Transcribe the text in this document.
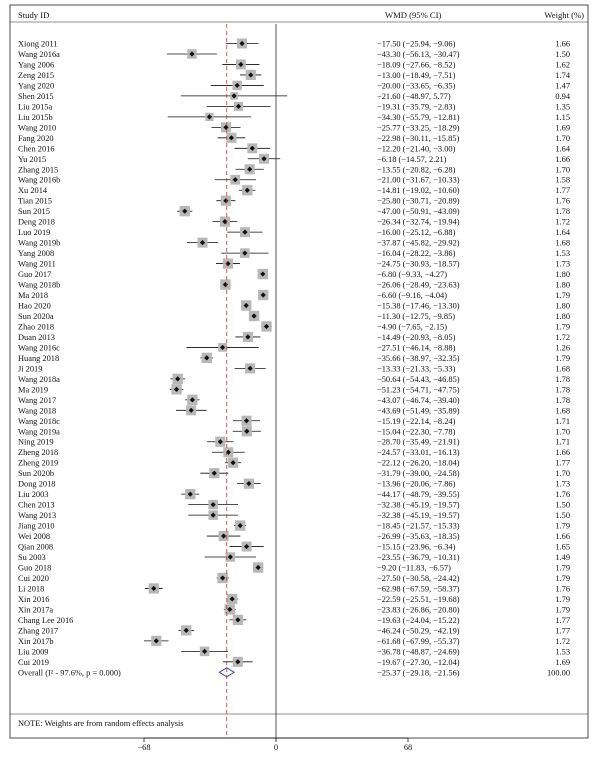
Study ID	WMD (95% CI)	Weight (%)
Xiong 2011	−17.50 (−25.94, −9.06)	1.66
Wang 2016a	−43.30 (−56.13, −30.47)	1.50
Yang 2006	−18.09 (−27.66, −8.52)	1.62
Zeng 2015	−13.00 (−18.49, −7.51)	1.74
Yang 2020	−20.00 (−33.65, −6.35)	1.47
Shen 2015	−21.60 (−48.97, 5.77)	0.94
Liu 2015a	−19.31 (−35.79, −2.83)	1.35
Liu 2015b	−34.30 (−55.79, −12.81)	1.15
Wang 2010	−25.77 (−33.25, −18.29)	1.69
Fang 2020	−22.98 (−30.11, −15.85)	1.70
Chen 2016	−12.20 (−21.40, −3.00)	1.64
Yu 2015	−6.18 (−14.57, 2.21)	1.66
Zhang 2015	−13.55 (−20.82, −6.28)	1.70
Wang 2016b	−21.00 (−31.67, −10.33)	1.58
Xu 2014	−14.81 (−19.02, −10.60)	1.77
Tian 2015	−25.80 (−30.71, −20.89)	1.76
Sun 2015	−47.00 (−50.91, −43.09)	1.78
Deng 2018	−26.34 (−32.74, −19.94)	1.72
Luo 2019	−16.00 (−25.12, −6.88)	1.64
Wang 2019b	−37.87 (−45.82, −29.92)	1.68
Yang 2008	−16.04 (−28.22, −3.86)	1.53
Wang 2011	−24.75 (−30.93, −18.57)	1.73
Guo 2017	−6.80 (−9.33, −4.27)	1.80
Wang 2018b	−26.06 (−28.49, −23.63)	1.80
Ma 2018	−6.60 (−9.16, −4.04)	1.79
Hao 2020	−15.38 (−17.46, −13.30)	1.80
Sun 2020a	−11.30 (−12.75, −9.85)	1.80
Zhao 2018	−4.90 (−7.65, −2.15)	1.79
Duan 2013	−14.49 (−20.93, −8.05)	1.72
Wang 2016c	−27.51 (−46.14, −8.88)	1.26
Huang 2018	−35.66 (−38.97, −32.35)	1.79
Ji 2019	−13.33 (−21.33, −5.33)	1.68
Wang 2018a	−50.64 (−54.43, −46.85)	1.78
Ma 2019	−51.23 (−54.71, −47.75)	1.78
Wang 2017	−43.07 (−46.74, −39.40)	1.78
Wang 2018	−43.69 (−51.49, −35.89)	1.68
Wang 2018c	−15.19 (−22.14, −8.24)	1.71
Wang 2019a	−15.04 (−22.30, −7.78)	1.70
Ning 2019	−28.70 (−35.49, −21.91)	1.71
Zheng 2018	−24.57 (−33.01, −16.13)	1.66
Zheng 2019	−22.12 (−26.20, −18.04)	1.77
Sun 2020b	−31.79 (−39.00, −24.58)	1.70
Dong 2018	−13.96 (−20.06, −7.86)	1.73
Liu 2003	−44.17 (−48.79, −39.55)	1.76
Chen 2013	−32.38 (−45.19, −19.57)	1.50
Wang 2013	−32.38 (−45.19, −19.57)	1.50
Jiang 2010	−18.45 (−21.57, −15.33)	1.79
Wei 2008	−26.99 (−35.63, −18.35)	1.66
Qian 2008	−15.15 (−23.96, −6.34)	1.65
Su 2003	−23.55 (−36.79, −10.31)	1.49
Guo 2018	−9.20 (−11.83, −6.57)	1.79
Cui 2020	−27.50 (−30.58, −24.42)	1.79
Li 2018	−62.98 (−67.59, −58.37)	1.76
Xin 2016	−22.59 (−25.51, −19.68)	1.79
Xin 2017a	−23.83 (−26.86, −20.80)	1.79
Chang Lee 2016	−19.63 (−24.04, −15.22)	1.77
Zhang 2017	−46.24 (−50.29, −42.19)	1.77
Xin 2017b	−61.68 (−67.99, −55.37)	1.72
Liu 2009	−36.78 (−48.87, −24.69)	1.53
Cui 2019	−19.67 (−27.30, −12.04)	1.69
Overall (I² - 97.6%, p = 0.000)	−25.37 (−29.18, −21.56)	100.00
NOTE: Weights are from random effects analysis
−68	0	68
